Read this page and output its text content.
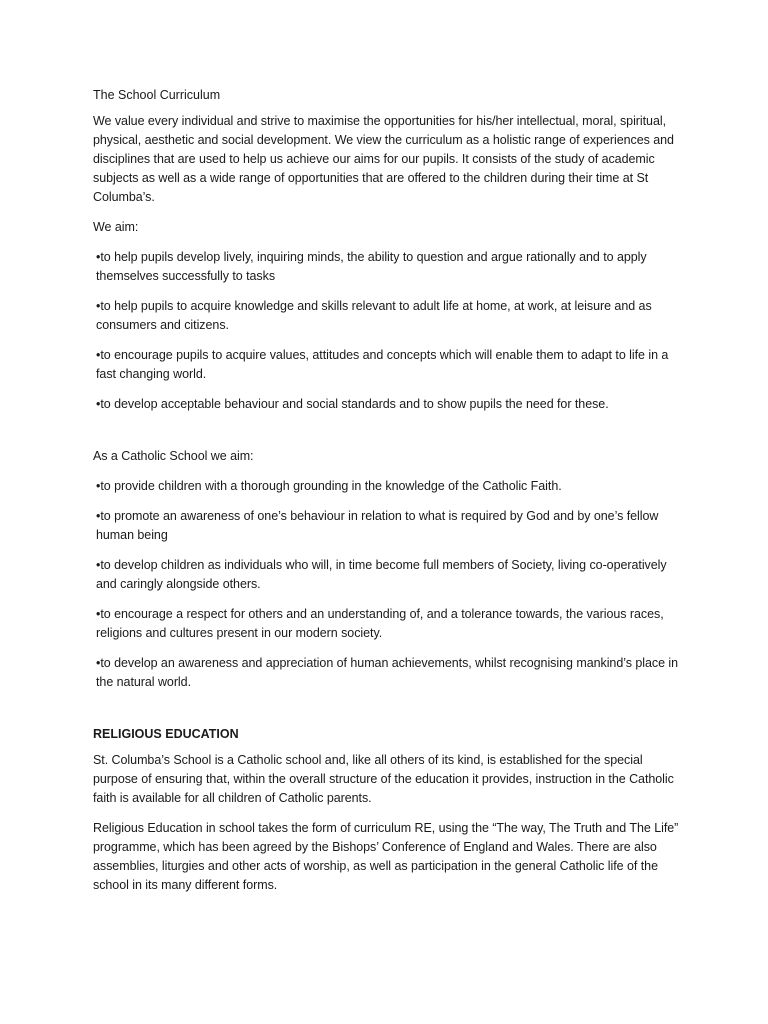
The School Curriculum

We value every individual and strive to maximise the opportunities for his/her intellectual, moral, spiritual, physical, aesthetic and social development. We view the curriculum as a holistic range of experiences and disciplines that are used to help us achieve our aims for our pupils. It consists of the study of academic subjects as well as a wide range of opportunities that are offered to the children during their time at St Columba’s.

We aim:

•to help pupils develop lively, inquiring minds, the ability to question and argue rationally and to apply themselves successfully to tasks

•to help pupils to acquire knowledge and skills relevant to adult life at home, at work, at leisure and as consumers and citizens.

•to encourage pupils to acquire values, attitudes and concepts which will enable them to adapt to life in a fast changing world.

•to develop acceptable behaviour and social standards and to show pupils the need for these.

As a Catholic School we aim:

•to provide children with a thorough grounding in the knowledge of the Catholic Faith.

•to promote an awareness of one’s behaviour in relation to what is required by God and by one’s fellow human being

•to develop children as individuals who will, in time become full members of Society, living co-operatively and caringly alongside others.

•to encourage a respect for others and an understanding of, and a tolerance towards, the various races, religions and cultures present in our modern society.

•to develop an awareness and appreciation of human achievements, whilst recognising mankind’s place in the natural world.

RELIGIOUS EDUCATION

St. Columba’s School is a Catholic school and, like all others of its kind, is established for the special purpose of ensuring that, within the overall structure of the education it provides, instruction in the Catholic faith is available for all children of Catholic parents.

Religious Education in school takes the form of curriculum RE, using the “The way, The Truth and The Life” programme, which has been agreed by the Bishops’ Conference of England and Wales. There are also assemblies, liturgies and other acts of worship, as well as participation in the general Catholic life of the school in its many different forms.
